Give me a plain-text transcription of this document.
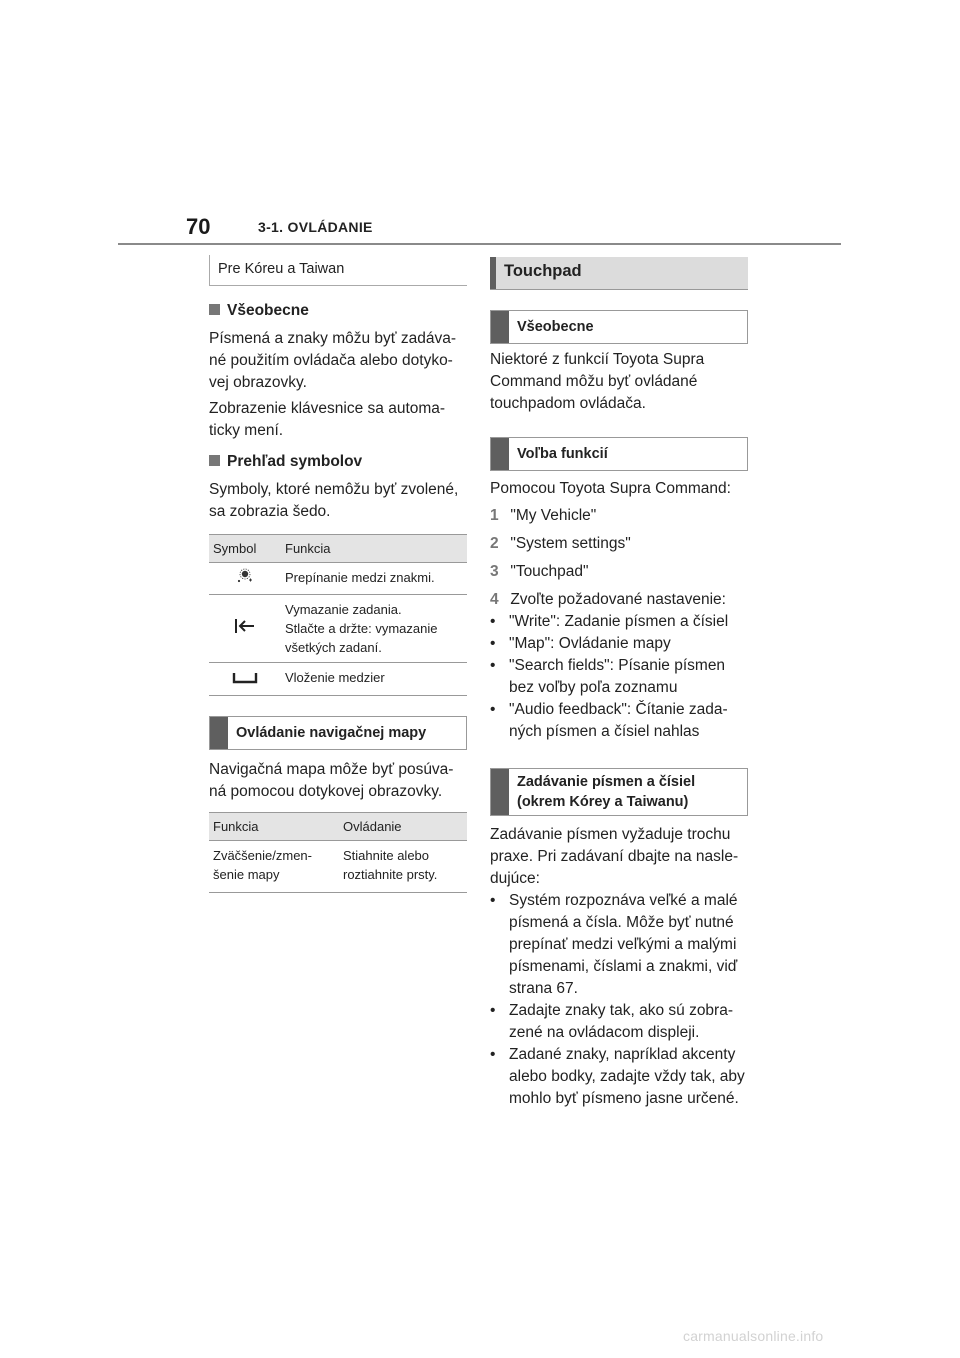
70	3-1. OVLÁDANIE
Pre Kóreu a Taiwan
Všeobecne

Písmená a znaky môžu byť zadáva-né použitím ovládača alebo dotyko-vej obrazovky.

Zobrazenie klávesnice sa automa-ticky mení.

Prehľad symbolov

Symboly, ktoré nemôžu byť zvolené, sa zobrazia šedo.

Symbol	Funkcia
	Prepínanie medzi znakmi.
	Vymazanie zadania.
Stlačte a držte: vymazanie všetkých zadaní.
	Vloženie medzier
Ovládanie navigačnej mapy

Navigačná mapa môže byť posúva-ná pomocou dotykovej obrazovky.

Funkcia	Ovládanie
Zväčšenie/zmen-šenie mapy	Stiahnite alebo roztiahnite prsty.
Touchpad
Všeobecne

Niektoré z funkcií Toyota Supra Command môžu byť ovládané touchpadom ovládača.

Voľba funkcií

Pomocou Toyota Supra Command:

1 "My Vehicle"
2 "System settings"
3 "Touchpad"
4 Zvoľte požadované nastavenie:
• "Write": Zadanie písmen a čísiel
• "Map": Ovládanie mapy
• "Search fields": Písanie písmen bez voľby poľa zoznamu
• "Audio feedback": Čítanie zada-ných písmen a čísiel nahlas
Zadávanie písmen a čísiel (okrem Kórey a Taiwanu)

Zadávanie písmen vyžaduje trochu praxe. Pri zadávaní dbajte na nasle-dujúce:

• Systém rozpoznáva veľké a malé písmená a čísla. Môže byť nutné prepínať medzi veľkými a malými písmenami, číslami a znakmi, viď strana 67.
• Zadajte znaky tak, ako sú zobra-zené na ovládacom displeji.
• Zadané znaky, napríklad akcenty alebo bodky, zadajte vždy tak, aby mohlo byť písmeno jasne určené.
carmanualsonline.info
